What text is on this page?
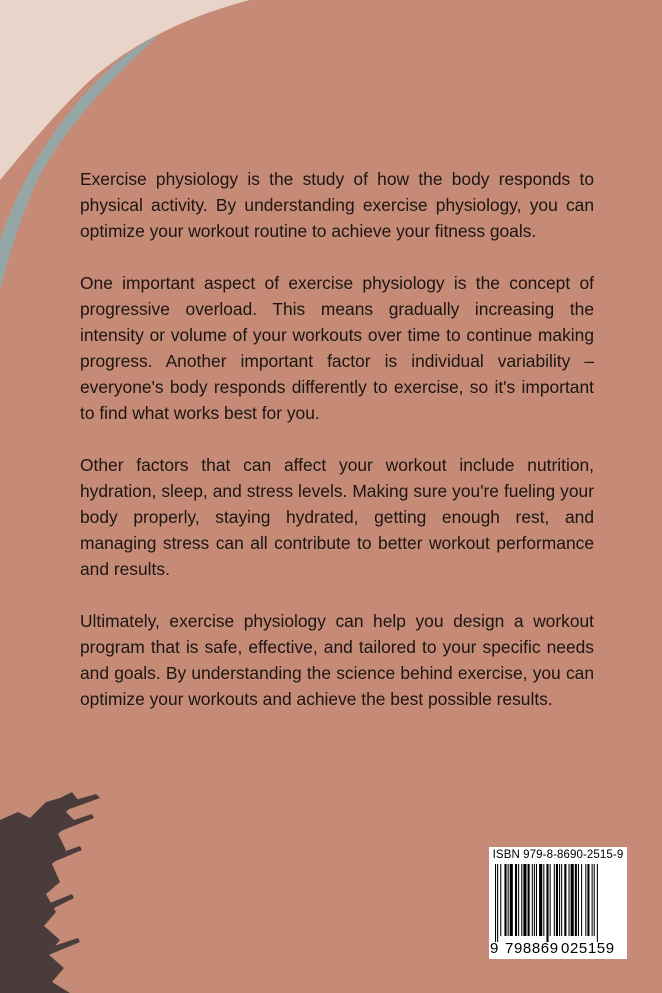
Exercise physiology is the study of how the body responds to physical activity. By understanding exercise physiology, you can optimize your workout routine to achieve your fitness goals.

One important aspect of exercise physiology is the concept of progressive overload. This means gradually increasing the intensity or volume of your workouts over time to continue making progress. Another important factor is individual variability – everyone's body responds differently to exercise, so it's important to find what works best for you.

Other factors that can affect your workout include nutrition, hydration, sleep, and stress levels. Making sure you're fueling your body properly, staying hydrated, getting enough rest, and managing stress can all contribute to better workout performance and results.

Ultimately, exercise physiology can help you design a workout program that is safe, effective, and tailored to your specific needs and goals. By understanding the science behind exercise, you can optimize your workouts and achieve the best possible results.

ISBN 979-8-8690-2515-9
9 798869 025159
